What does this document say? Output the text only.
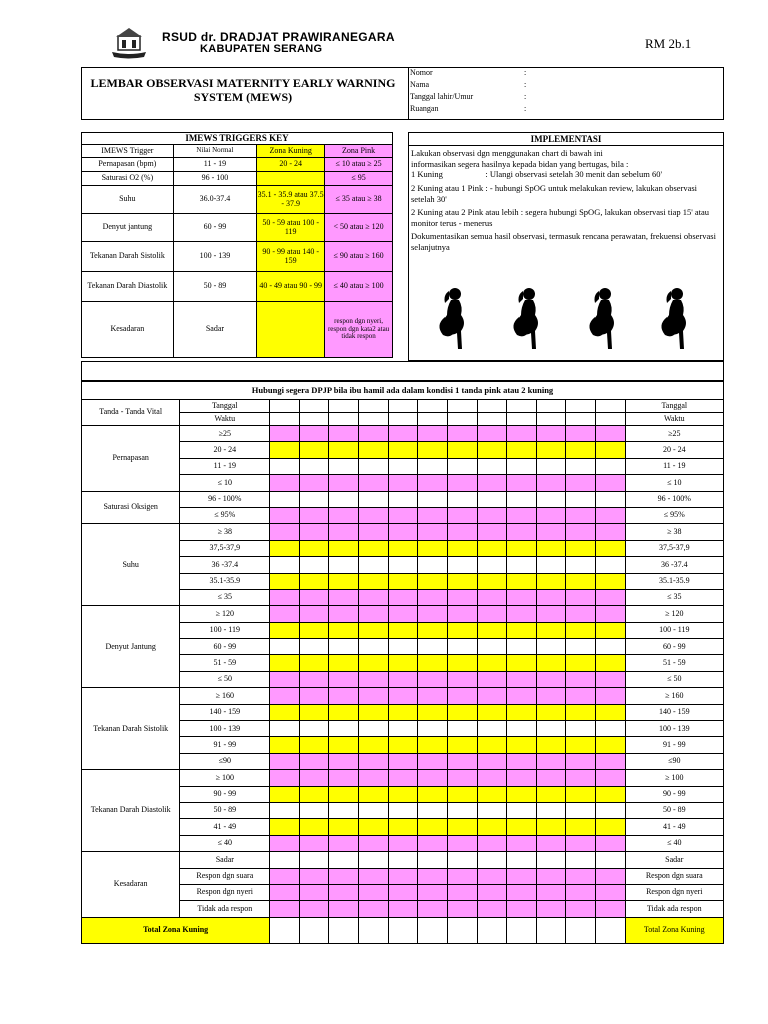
RSUD dr. DRADJAT PRAWIRANEGARA
KABUPATEN SERANG	RM 2b.1
LEMBAR OBSERVASI MATERNITY EARLY WARNING SYSTEM (MEWS)
Nomor	:
Nama	:
Tanggal lahir/Umur	:
Ruangan	:
IMEWS TRIGGERS KEY			
IMEWS Trigger	Nilai Normal	Zona Kuning	Zona Pink
Pernapasan (bpm)	11 - 19	20 - 24	≤ 10 atau ≥ 25
Saturasi O2 (%)	96 - 100		≤ 95
Suhu	36.0-37.4	35.1 - 35.9 atau 37.5 - 37.9	≤ 35 atau ≥ 38
Denyut jantung	60 - 99	50 - 59 atau 100 - 119	< 50 atau ≥ 120
Tekanan Darah Sistolik	100 - 139	90 - 99 atau 140 - 159	≤ 90 atau ≥ 160
Tekanan Darah Diastolik	50 - 89	40 - 49 atau 90 - 99	≤ 40 atau ≥ 100
Kesadaran	Sadar		respon dgn nyeri, respon dgn kata2 atau tidak respon
IMPLEMENTASI

Lakukan observasi dgn menggunakan chart di bawah ini

informasikan segera hasilnya kepada bidan yang bertugas, bila :

1 Kuning                    : Ulangi observasi setelah 30 menit dan sebelum 60'

2 Kuning atau 1 Pink : - hubungi SpOG untuk melakukan review, lakukan observasi setelah 30'

2 Kuning atau 2 Pink atau lebih : segera hubungi SpOG, lakukan observasi tiap 15' atau monitor terus - menerus

Dokumentasikan semua hasil observasi, termasuk rencana perawatan, frekuensi observasi selanjutnya

Hubungi segera DPJP bila ibu hamil ada dalam kondisi 1 tanda pink atau 2 kuning														
Tanda - Tanda Vital	Tanggal													Tanggal
	Waktu													Waktu
Pernapasan	≥25													≥25
	20 - 24													20 - 24
	11 - 19													11 - 19
	≤ 10													≤ 10
Saturasi Oksigen	96 - 100%													96 - 100%
	≤ 95%													≤ 95%
Suhu	≥ 38													≥ 38
	37,5-37,9													37,5-37,9
	36 -37.4													36 -37.4
	35.1-35.9													35.1-35.9
	≤ 35													≤ 35
Denyut Jantung	≥ 120													≥ 120
	100 - 119													100 - 119
	60 - 99													60 - 99
	51 - 59													51 - 59
	≤ 50													≤ 50
Tekanan Darah Sistolik	≥ 160													≥ 160
	140 - 159													140 - 159
	100 - 139													100 - 139
	91 - 99													91 - 99
	≤90													≤90
Tekanan Darah Diastolik	≥ 100													≥ 100
	90 - 99													90 - 99
	50 - 89													50 - 89
	41 - 49													41 - 49
	≤ 40													≤ 40
Kesadaran	Sadar													Sadar
	Respon dgn suara													Respon dgn suara
	Respon dgn nyeri													Respon dgn nyeri
	Tidak ada respon													Tidak ada respon
Total Zona Kuning														Total Zona Kuning
